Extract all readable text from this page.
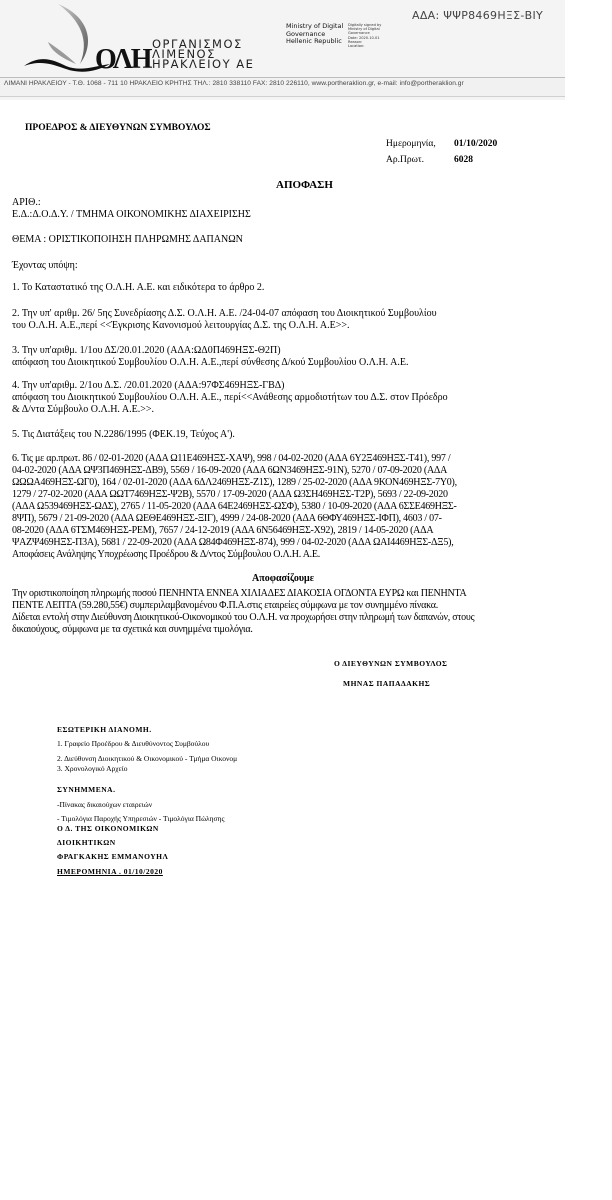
ΟΛΗ ΟΡΓΑΝΙΣΜΟΣ
ΛΙΜΕΝΟΣ
ΗΡΑΚΛΕΙΟΥ ΑΕ
Ministry of Digital
Governance
Hellenic Republic
Digitally signed by
Ministry of Digital
Governance
Date: 2020.10.01
Reason:
Location:
ΑΔΑ: ΨΨΡ8469ΗΞΣ-ΒΙΥ
ΛΙΜΑΝΙ ΗΡΑΚΛΕΙΟΥ - Τ.Θ. 1068 - 711 10 ΗΡΑΚΛΕΙΟ ΚΡΗΤΗΣ ΤΗΛ.: 2810 338110 FAX: 2810 226110, www.portheraklion.gr, e-mail: info@portheraklion.gr
ΠΡΟΕΔΡΟΣ & ΔΙΕΥΘΥΝΩΝ ΣΥΜΒΟΥΛΟΣ
Ημερομηνία, 01/10/2020
Αρ.Πρωτ.	6028
ΑΠΟΦΑΣΗ
ΑΡΙΘ.:
Ε.Δ.:Δ.Ο.Δ.Υ. / ΤΜΗΜΑ ΟΙΚΟΝΟΜΙΚΗΣ ΔΙΑΧΕΙΡΙΣΗΣ
ΘΕΜΑ : ΟΡΙΣΤΙΚΟΠΟΙΗΣΗ ΠΛΗΡΩΜΗΣ ΔΑΠΑΝΩΝ
Έχοντας υπόψη:
1. Το Καταστατικό της Ο.Λ.Η. Α.Ε. και ειδικότερα το άρθρο 2.
2. Την υπ' αριθμ. 26/ 5ης Συνεδρίασης Δ.Σ. Ο.Λ.Η. Α.Ε. /24-04-07 απόφαση του Διοικητικού Συμβουλίου
του Ο.Λ.Η. Α.Ε.,περί <<Έγκρισης Κανονισμού λειτουργίας Δ.Σ. της Ο.Λ.Η. Α.Ε>>.
3. Την υπ'αριθμ. 1/1ου ΔΣ/20.01.2020 (ΑΔΑ:ΩΔ0Π469ΗΞΣ-Θ2Π)
απόφαση του Διοικητικού Συμβουλίου Ο.Λ.Η. Α.Ε.,περί σύνθεσης Δ/κού Συμβουλίου Ο.Λ.Η. Α.Ε.
4. Την υπ'αριθμ. 2/1ου Δ.Σ. /20.01.2020 (ΑΔΑ:97ΦΣ469ΗΞΣ-ΓΒΔ)
απόφαση του Διοικητικού Συμβουλίου Ο.Λ.Η. Α.Ε., περί<<Ανάθεσης αρμοδιοτήτων του Δ.Σ. στον Πρόεδρο
& Δ/ντα Σύμβουλο Ο.Λ.Η. Α.Ε.>>.
5. Τις Διατάξεις του Ν.2286/1995 (ΦΕΚ.19, Τεύχος Α').
6. Τις με αρ.πρωτ. 86 / 02-01-2020 (ΑΔΑ Ω11Ε469ΗΞΣ-ΧΑΨ), 998 / 04-02-2020 (ΑΔΑ 6Υ2Ξ469ΗΞΣ-Τ41), 997 /
04-02-2020 (ΑΔΑ ΩΨ3Π469ΗΞΣ-ΔΒ9), 5569 / 16-09-2020 (ΑΔΑ 6ΩΝ3469ΗΞΣ-91Ν), 5270 / 07-09-2020 (ΑΔΑ
ΩΩΩΑ469ΗΞΣ-ΩΓ0), 164 / 02-01-2020 (ΑΔΑ 6ΔΛ2469ΗΞΣ-Ζ1Σ), 1289 / 25-02-2020 (ΑΔΑ 9ΚΟΝ469ΗΞΣ-7Υ0),
1279 / 27-02-2020 (ΑΔΑ ΩΩΤ7469ΗΞΣ-Ψ2Β), 5570 / 17-09-2020 (ΑΔΑ Ω3ΣΗ469ΗΞΣ-Τ2Ρ), 5693 / 22-09-2020
(ΑΔΑ Ω539469ΗΞΣ-ΩΔΣ), 2765 / 11-05-2020 (ΑΔΑ 64Ε2469ΗΞΣ-ΩΣΦ), 5380 / 10-09-2020 (ΑΔΑ 6ΣΣΕ469ΗΞΣ-
8ΨΠ), 5679 / 21-09-2020 (ΑΔΑ ΩΕΘΕ469ΗΞΣ-ΞΙΓ), 4999 / 24-08-2020 (ΑΔΑ 6ΘΦΥ469ΗΞΣ-ΙΦΠ), 4603 / 07-
08-2020 (ΑΔΑ 6ΤΣΜ469ΗΞΣ-ΡΕΜ), 7657 / 24-12-2019 (ΑΔΑ 6Ν56469ΗΞΣ-Χ92), 2819 / 14-05-2020 (ΑΔΑ
ΨΑΖΨ469ΗΞΣ-Π3Α), 5681 / 22-09-2020 (ΑΔΑ Ω84Φ469ΗΞΣ-874), 999 / 04-02-2020 (ΑΔΑ ΩΑΙ4469ΗΞΣ-ΔΞ5),
Αποφάσεις Ανάληψης Υποχρέωσης Προέδρου & Δ/ντος Σύμβουλου Ο.Λ.Η. Α.Ε.
Αποφασίζουμε
Την οριστικοποίηση πληρωμής ποσού ΠΕΝΗΝΤΑ ΕΝΝΕΑ ΧΙΛΙΑΔΕΣ ΔΙΑΚΟΣΙΑ ΟΓΔΟΝΤΑ ΕΥΡΩ και ΠΕΝΗΝΤΑ
ΠΕΝΤΕ ΛΕΠΤΑ (59.280,55€) συμπεριλαμβανομένου Φ.Π.Α.στις εταιρείες σύμφωνα με τον συνημμένο πίνακα.
Δίδεται εντολή στην Διεύθυνση Διοικητικού-Οικονομικού του Ο.Λ.Η. να προχωρήσει στην πληρωμή των δαπανών, στους
δικαιούχους, σύμφωνα με τα σχετικά και συνημμένα τιμολόγια.
Ο ΔΙΕΥΘΥΝΩΝ ΣΥΜΒΟΥΛΟΣ
ΜΗΝΑΣ ΠΑΠΑΔΑΚΗΣ
ΕΣΩΤΕΡΙΚΗ ΔΙΑΝΟΜΗ.
1. Γραφείο Προέδρου & Διευθύνοντος Συμβούλου
2. Διεύθυνση Διοικητικού & Οικονομικού - Τμήμα Οικονομ
3. Χρονολογικό Αρχείο
ΣΥΝΗΜΜΕΝΑ.
-Πίνακας δικαιούχων εταιρειών
- Τιμολόγια Παροχής Υπηρεσιών - Τιμολόγια Πώλησης
Ο Δ. ΤΗΣ ΟΙΚΟΝΟΜΙΚΩΝ
ΔΙΟΙΚΗΤΙΚΩΝ
ΦΡΑΓΚΑΚΗΣ ΕΜΜΑΝΟΥΗΛ
ΗΜΕΡΟΜΗΝΙΑ . 01/10/2020
